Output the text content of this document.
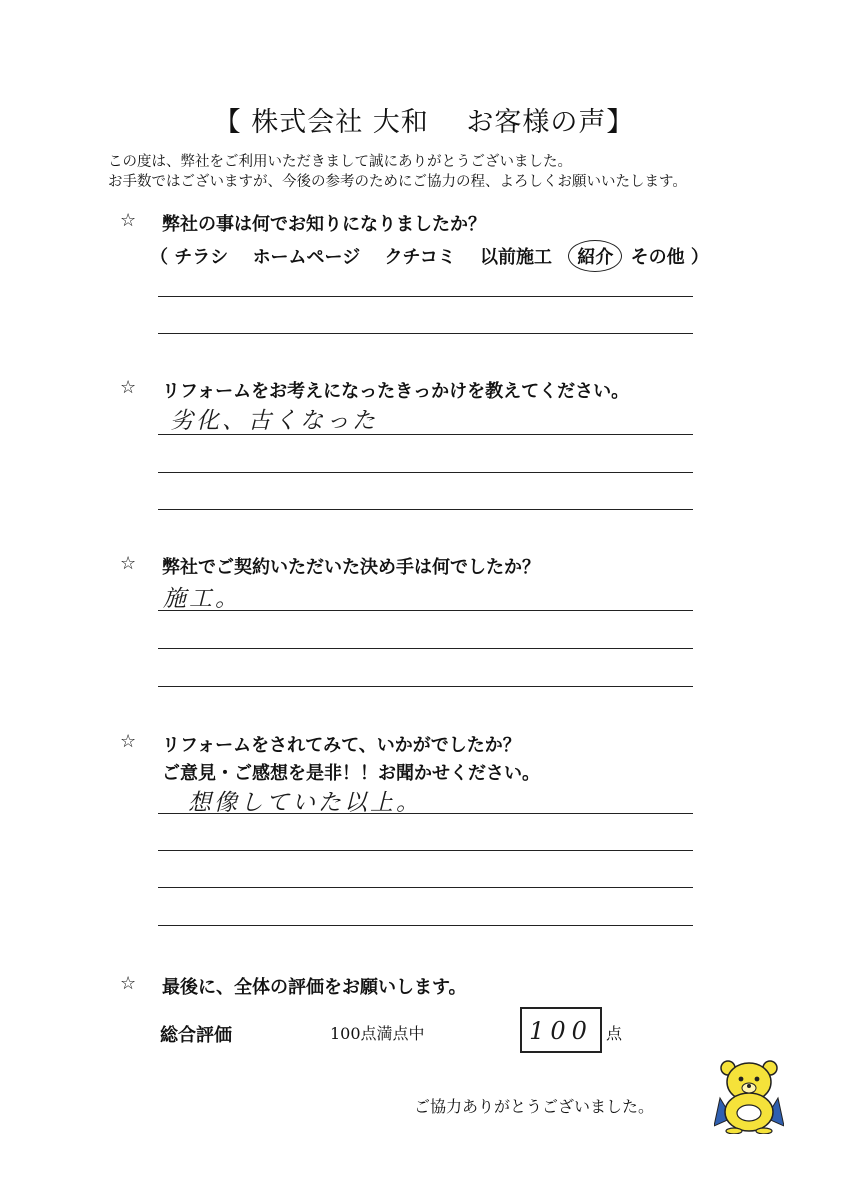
【 株式会社 大和　 お客様の声】
この度は、弊社をご利用いただきまして誠にありがとうございました。
お手数ではございますが、今後の参考のためにご協力の程、よろしくお願いいたします。
☆ 弊社の事は何でお知りになりましたか？
（ チラシ ホームページ クチコミ 以前施工 紹介 その他 ）
☆ リフォームをお考えになったきっかけを教えてください。
劣化、古くなった
☆ 弊社でご契約いただいた決め手は何でしたか？
施工。
☆ リフォームをされてみて、いかがでしたか？
ご意見・ご感想を是非！！お聞かせください。
想像していた以上。
☆ 最後に、全体の評価をお願いします。
総合評価	100点満点中	100 点
ご協力ありがとうございました。
